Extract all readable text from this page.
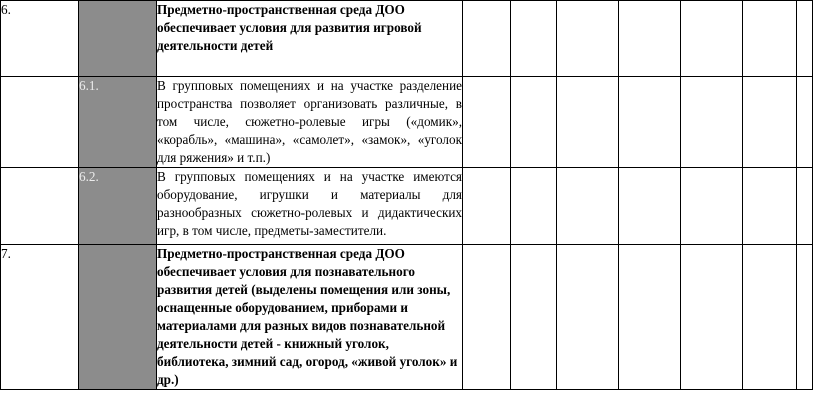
6.		Предметно-пространственная среда ДОО обеспечивает условия для развития игровой деятельности детей							
	6.1.	В групповых помещениях и на участке разделение пространства позволяет организовать различные, в том числе, сюжетно-ролевые игры («домик», «корабль», «машина», «самолет», «замок», «уголок для ряжения» и т.п.)							
	6.2.	В групповых помещениях и на участке имеются оборудование, игрушки и материалы для разнообразных сюжетно-ролевых и дидактических игр, в том числе, предметы-заместители.							
7.		Предметно-пространственная среда ДОО обеспечивает условия для познавательного развития детей (выделены помещения или зоны, оснащенные оборудованием, приборами и материалами для разных видов познавательной деятельности детей - книжный уголок, библиотека, зимний сад, огород, «живой уголок» и др.)							
